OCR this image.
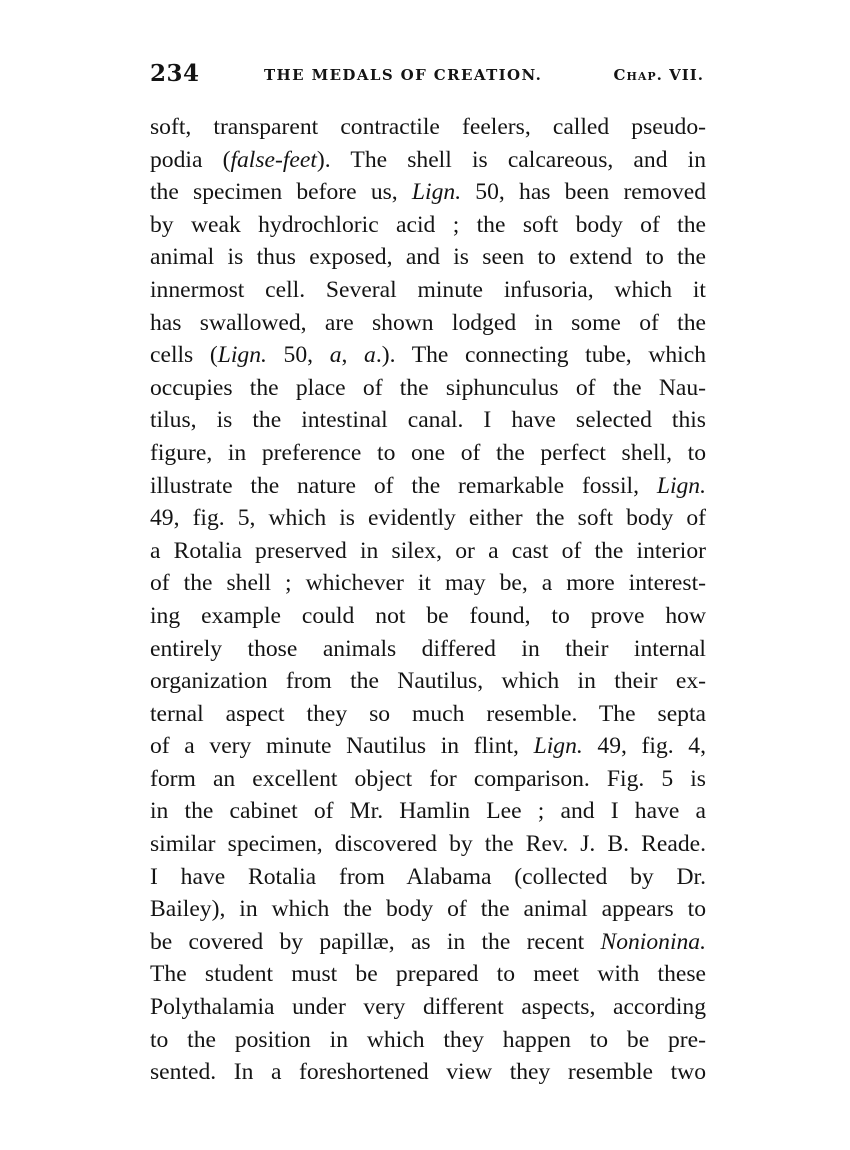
234	THE MEDALS OF CREATION.	Chap. VII.
soft, transparent contractile feelers, called pseudo-
podia (false-feet). The shell is calcareous, and in
the specimen before us, Lign. 50, has been removed
by weak hydrochloric acid ; the soft body of the
animal is thus exposed, and is seen to extend to the
innermost cell. Several minute infusoria, which it
has swallowed, are shown lodged in some of the
cells (Lign. 50, a, a.). The connecting tube, which
occupies the place of the siphunculus of the Nau-
tilus, is the intestinal canal. I have selected this
figure, in preference to one of the perfect shell, to
illustrate the nature of the remarkable fossil, Lign.
49, fig. 5, which is evidently either the soft body of
a Rotalia preserved in silex, or a cast of the interior
of the shell ; whichever it may be, a more interest-
ing example could not be found, to prove how
entirely those animals differed in their internal
organization from the Nautilus, which in their ex-
ternal aspect they so much resemble. The septa
of a very minute Nautilus in flint, Lign. 49, fig. 4,
form an excellent object for comparison. Fig. 5 is
in the cabinet of Mr. Hamlin Lee ; and I have a
similar specimen, discovered by the Rev. J. B. Reade.
I have Rotalia from Alabama (collected by Dr.
Bailey), in which the body of the animal appears to
be covered by papillæ, as in the recent Nonionina.
The student must be prepared to meet with these
Polythalamia under very different aspects, according
to the position in which they happen to be pre-
sented. In a foreshortened view they resemble two
